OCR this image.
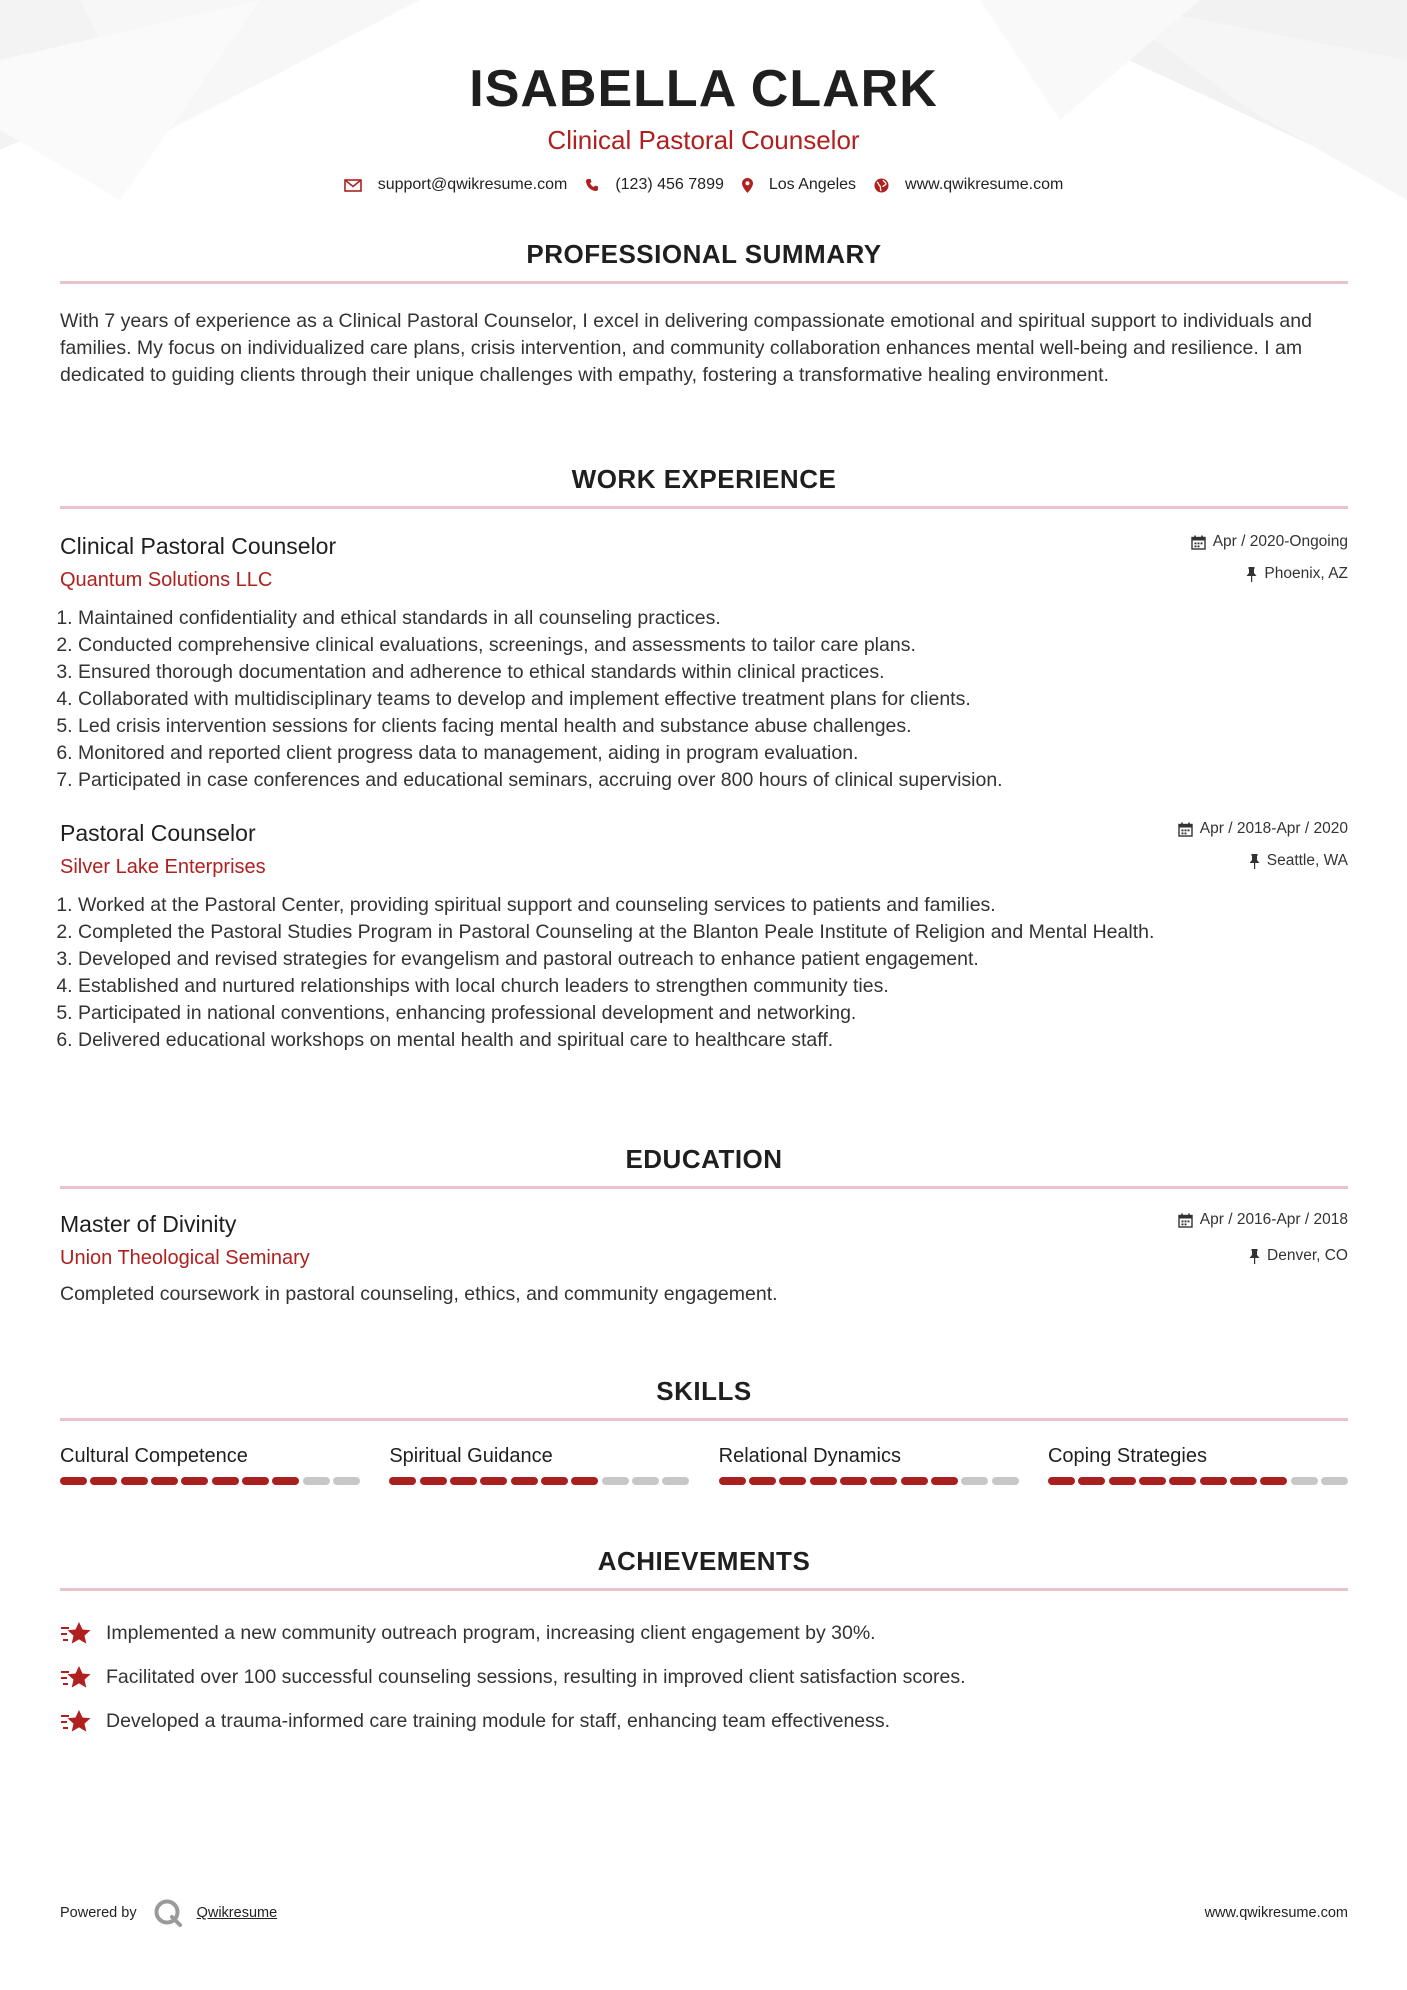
ISABELLA CLARK
Clinical Pastoral Counselor
support@qwikresume.com	(123) 456 7899	Los Angeles	www.qwikresume.com
PROFESSIONAL SUMMARY

With 7 years of experience as a Clinical Pastoral Counselor, I excel in delivering compassionate emotional and spiritual support to individuals and families. My focus on individualized care plans, crisis intervention, and community collaboration enhances mental well-being and resilience. I am dedicated to guiding clients through their unique challenges with empathy, fostering a transformative healing environment.

WORK EXPERIENCE
Clinical Pastoral Counselor
Quantum Solutions LLC
Apr / 2020-Ongoing
Phoenix, AZ
1. Maintained confidentiality and ethical standards in all counseling practices.
2. Conducted comprehensive clinical evaluations, screenings, and assessments to tailor care plans.
3. Ensured thorough documentation and adherence to ethical standards within clinical practices.
4. Collaborated with multidisciplinary teams to develop and implement effective treatment plans for clients.
5. Led crisis intervention sessions for clients facing mental health and substance abuse challenges.
6. Monitored and reported client progress data to management, aiding in program evaluation.
7. Participated in case conferences and educational seminars, accruing over 800 hours of clinical supervision.
Pastoral Counselor
Silver Lake Enterprises
Apr / 2018-Apr / 2020
Seattle, WA
1. Worked at the Pastoral Center, providing spiritual support and counseling services to patients and families.
2. Completed the Pastoral Studies Program in Pastoral Counseling at the Blanton Peale Institute of Religion and Mental Health.
3. Developed and revised strategies for evangelism and pastoral outreach to enhance patient engagement.
4. Established and nurtured relationships with local church leaders to strengthen community ties.
5. Participated in national conventions, enhancing professional development and networking.
6. Delivered educational workshops on mental health and spiritual care to healthcare staff.
EDUCATION
Master of Divinity
Union Theological Seminary
Apr / 2016-Apr / 2018
Denver, CO

Completed coursework in pastoral counseling, ethics, and community engagement.

SKILLS
Cultural Competence	Spiritual Guidance	Relational Dynamics	Coping Strategies
ACHIEVEMENTS
Implemented a new community outreach program, increasing client engagement by 30%.
Facilitated over 100 successful counseling sessions, resulting in improved client satisfaction scores.
Developed a trauma-informed care training module for staff, enhancing team effectiveness.
Powered by	Qwikresume	www.qwikresume.com
